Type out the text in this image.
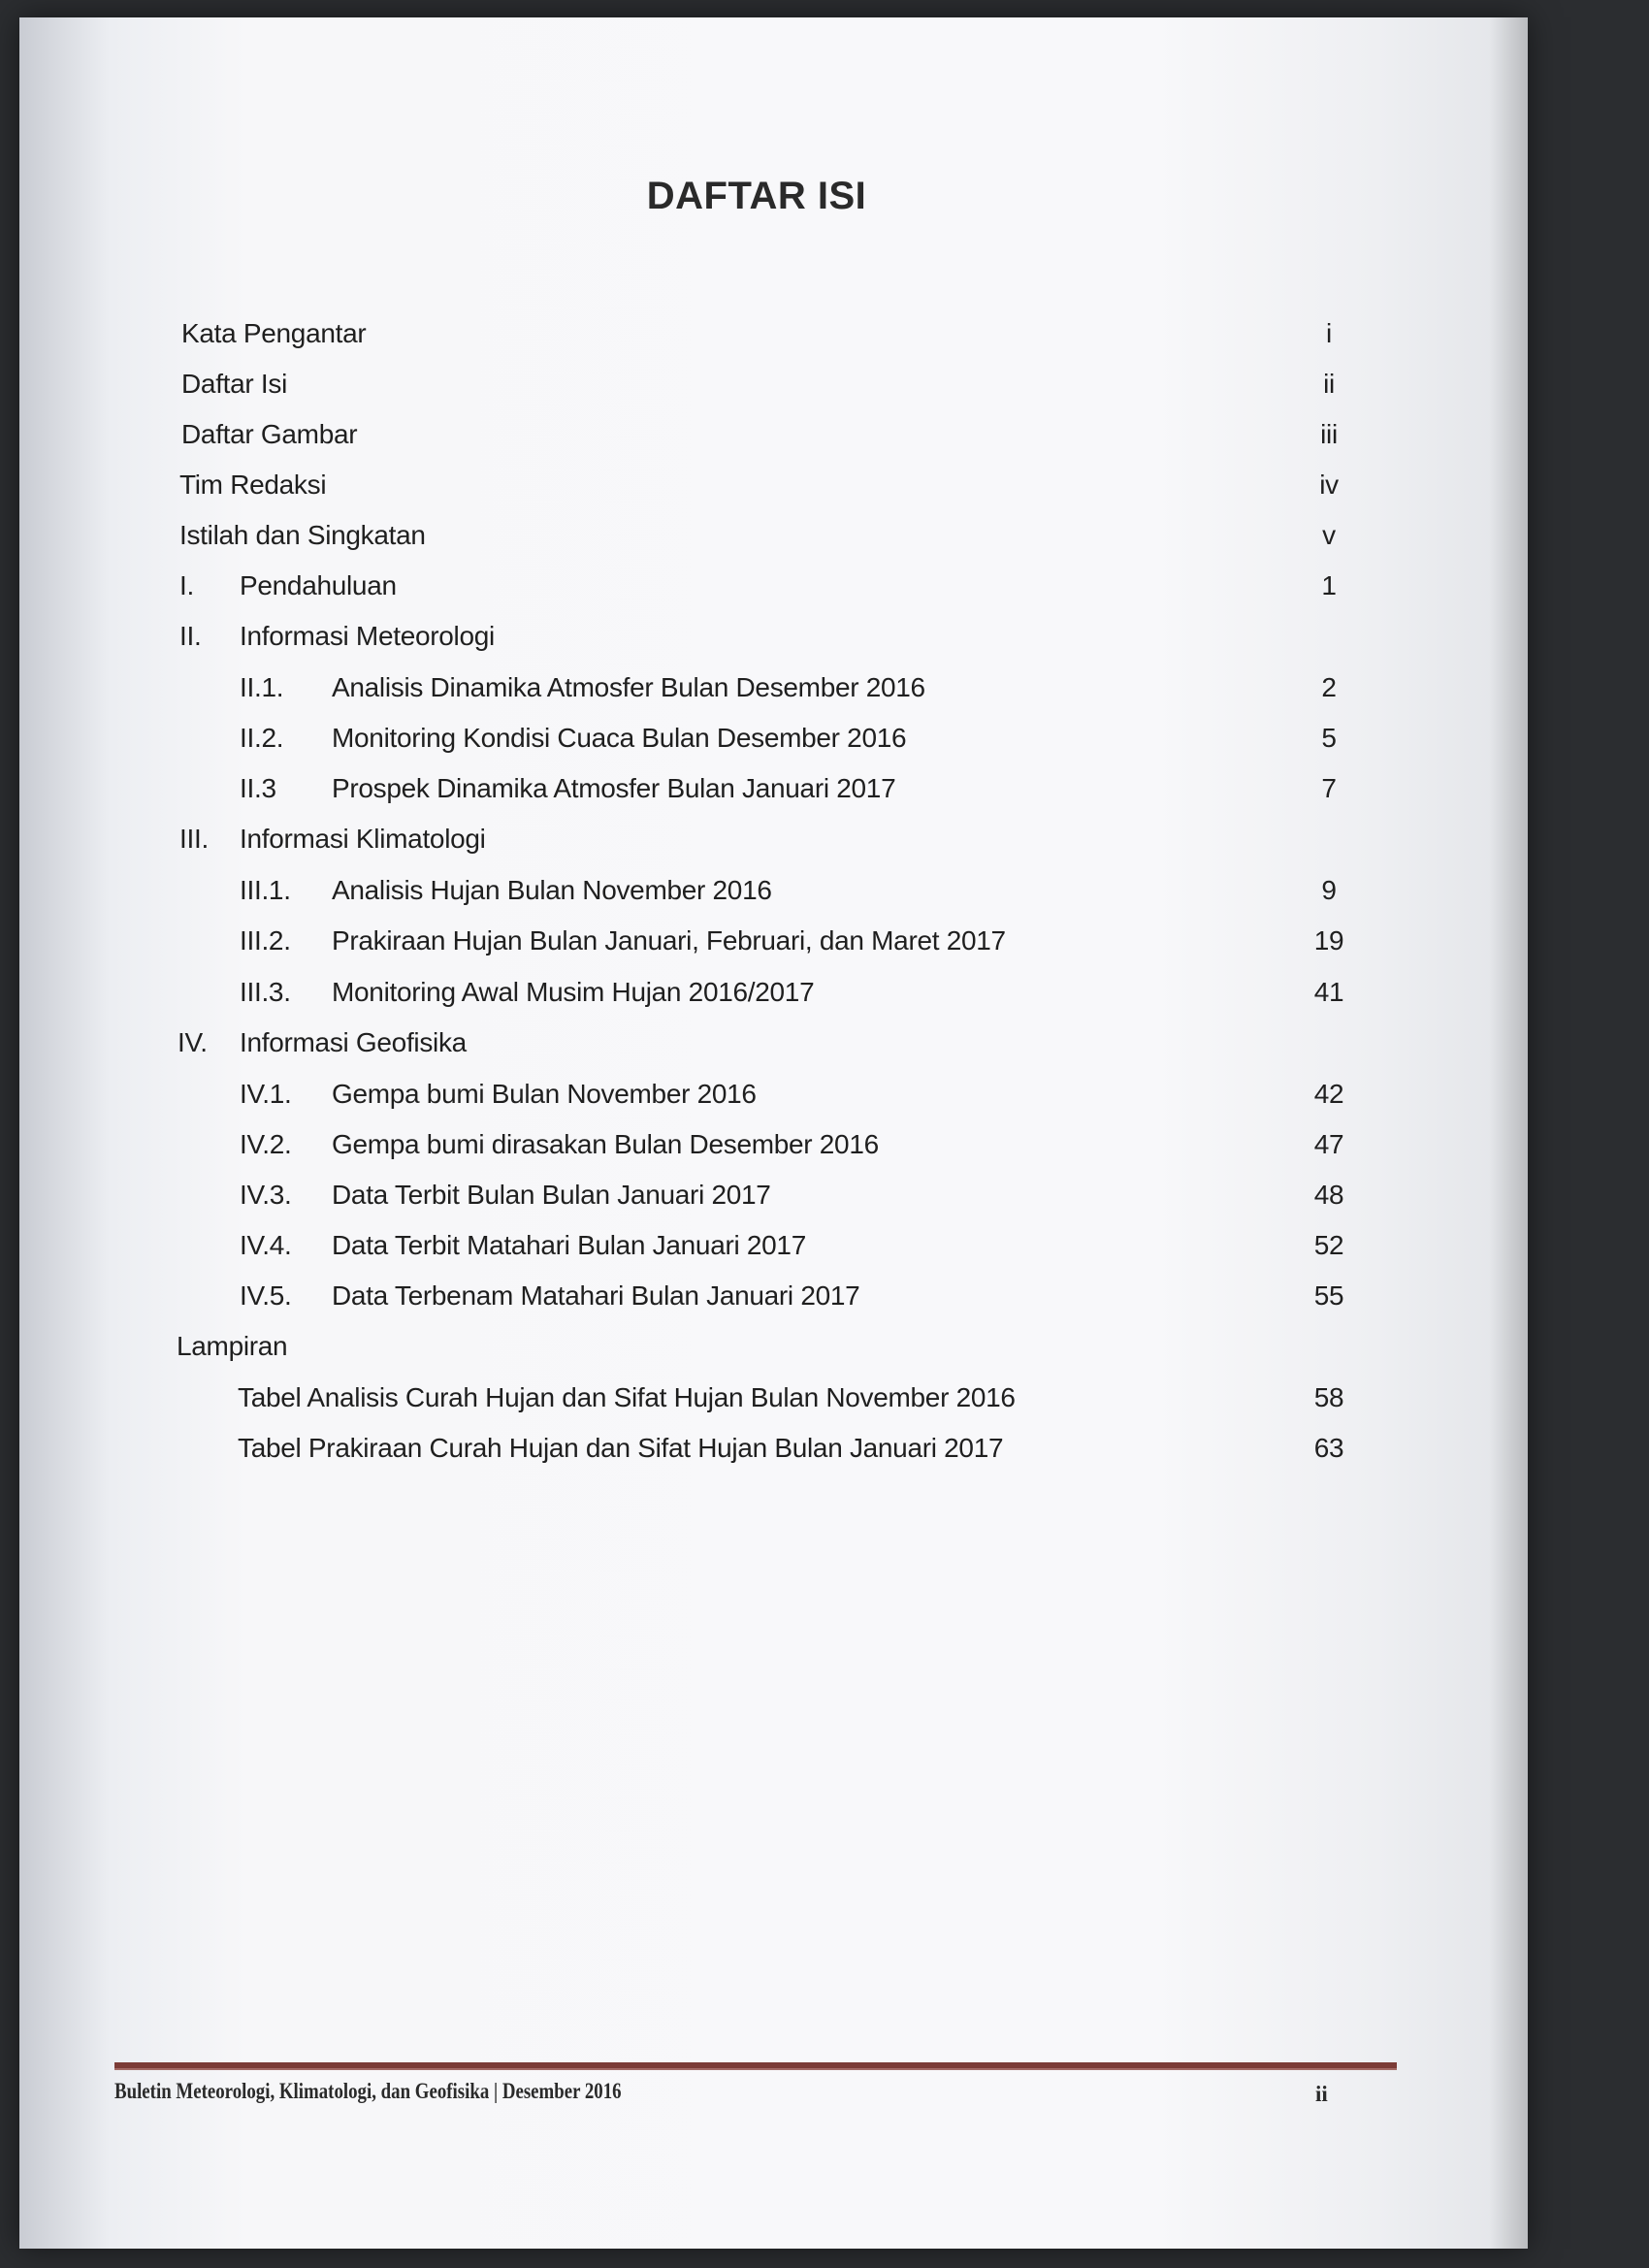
DAFTAR ISI
Kata Pengantar	i
Daftar Isi	ii
Daftar Gambar	iii
Tim Redaksi	iv
Istilah dan Singkatan	v
I. Pendahuluan	1
II. Informasi Meteorologi
II.1. Analisis Dinamika Atmosfer Bulan Desember 2016	2
II.2. Monitoring Kondisi Cuaca Bulan Desember 2016	5
II.3 Prospek Dinamika Atmosfer Bulan Januari 2017	7
III. Informasi Klimatologi
III.1. Analisis Hujan Bulan November 2016	9
III.2. Prakiraan Hujan Bulan Januari, Februari, dan Maret 2017	19
III.3. Monitoring Awal Musim Hujan 2016/2017	41
IV. Informasi Geofisika
IV.1. Gempa bumi Bulan November 2016	42
IV.2. Gempa bumi dirasakan Bulan Desember 2016	47
IV.3. Data Terbit Bulan Bulan Januari 2017	48
IV.4. Data Terbit Matahari Bulan Januari 2017	52
IV.5. Data Terbenam Matahari Bulan Januari 2017	55
Lampiran
Tabel Analisis Curah Hujan dan Sifat Hujan Bulan November 2016	58
Tabel Prakiraan Curah Hujan dan Sifat Hujan Bulan Januari 2017	63
Buletin Meteorologi, Klimatologi, dan Geofisika | Desember 2016	ii
